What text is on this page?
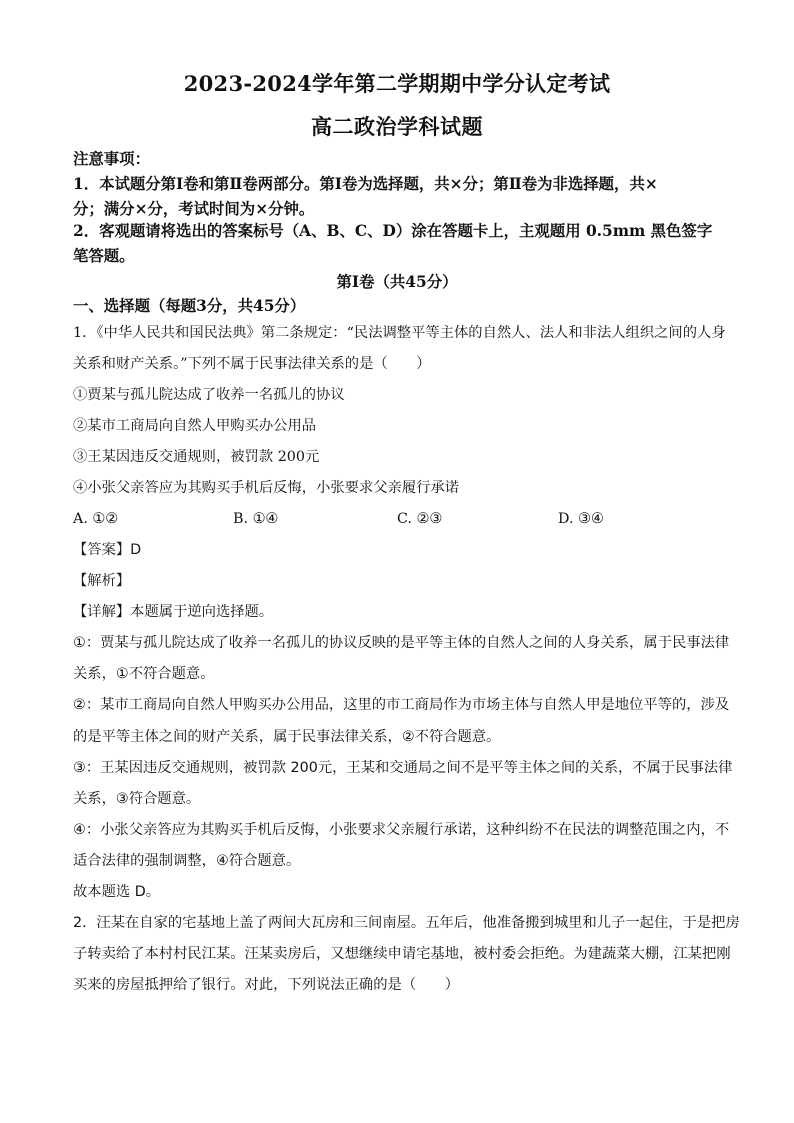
2023-2024学年第二学期期中学分认定考试
高二政治学科试题
注意事项：
1．本试题分第Ⅰ卷和第Ⅱ卷两部分。第Ⅰ卷为选择题，共×分；第Ⅱ卷为非选择题，共×
分；满分×分，考试时间为×分钟。
2．客观题请将选出的答案标号（A、B、C、D）涂在答题卡上，主观题用 0.5mm 黑色签字
笔答题。
第Ⅰ卷（共45分）
一、选择题（每题3分，共45分）
1．《中华人民共和国民法典》第二条规定：“民法调整平等主体的自然人、法人和非法人组织之间的人身
关系和财产关系。”下列不属于民事法律关系的是（　　）
①贾某与孤儿院达成了收养一名孤儿的协议
②某市工商局向自然人甲购买办公用品
③王某因违反交通规则，被罚款 200元
④小张父亲答应为其购买手机后反悔，小张要求父亲履行承诺
A. ①②	B. ①④	C. ②③	D. ③④
【答案】D
【解析】
【详解】本题属于逆向选择题。
①：贾某与孤儿院达成了收养一名孤儿的协议反映的是平等主体的自然人之间的人身关系，属于民事法律
关系，①不符合题意。
②：某市工商局向自然人甲购买办公用品，这里的市工商局作为市场主体与自然人甲是地位平等的，涉及
的是平等主体之间的财产关系，属于民事法律关系，②不符合题意。
③：王某因违反交通规则，被罚款 200元，王某和交通局之间不是平等主体之间的关系，不属于民事法律
关系，③符合题意。
④：小张父亲答应为其购买手机后反悔，小张要求父亲履行承诺，这种纠纷不在民法的调整范围之内，不
适合法律的强制调整，④符合题意。
故本题选 D。
2．汪某在自家的宅基地上盖了两间大瓦房和三间南屋。五年后，他准备搬到城里和儿子一起住，于是把房
子转卖给了本村村民江某。汪某卖房后，又想继续申请宅基地，被村委会拒绝。为建蔬菜大棚，江某把刚
买来的房屋抵押给了银行。对此，下列说法正确的是（　　）
